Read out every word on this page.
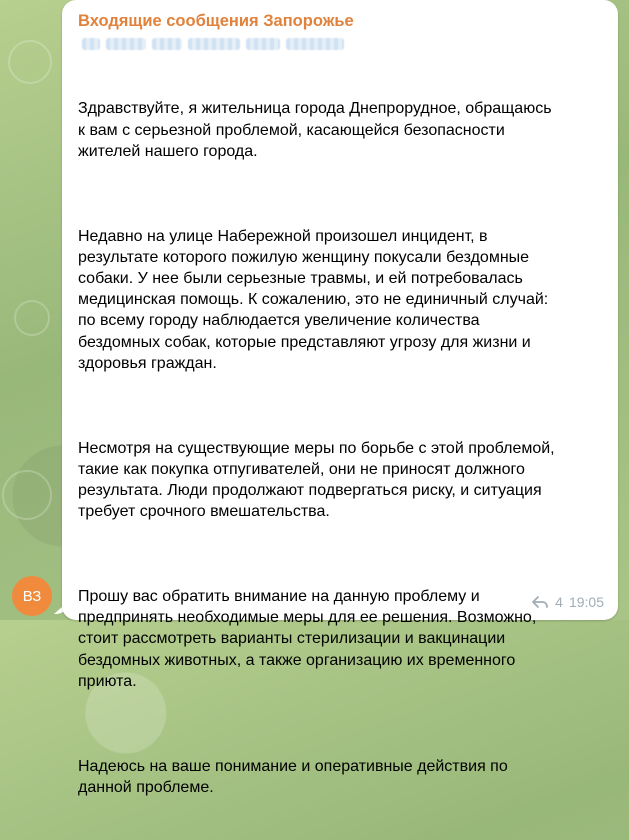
Входящие сообщения Запорожье

Здравствуйте, я жительница города Днепрорудное, обращаюсь
к вам с серьезной проблемой, касающейся безопасности
жителей нашего города.

Недавно на улице Набережной произошел инцидент, в
результате которого пожилую женщину покусали бездомные
собаки. У нее были серьезные травмы, и ей потребовалась
медицинская помощь. К сожалению, это не единичный случай:
по всему городу наблюдается увеличение количества
бездомных собак, которые представляют угрозу для жизни и
здоровья граждан.

Несмотря на существующие меры по борьбе с этой проблемой,
такие как покупка отпугивателей, они не приносят должного
результата. Люди продолжают подвергаться риску, и ситуация
требует срочного вмешательства.

Прошу вас обратить внимание на данную проблему и
предпринять необходимые меры для ее решения. Возможно,
стоит рассмотреть варианты стерилизации и вакцинации
бездомных животных, а также организацию их временного
приюта.

Надеюсь на ваше понимание и оперативные действия по
данной проблеме.

4 19:05
ВЗ
